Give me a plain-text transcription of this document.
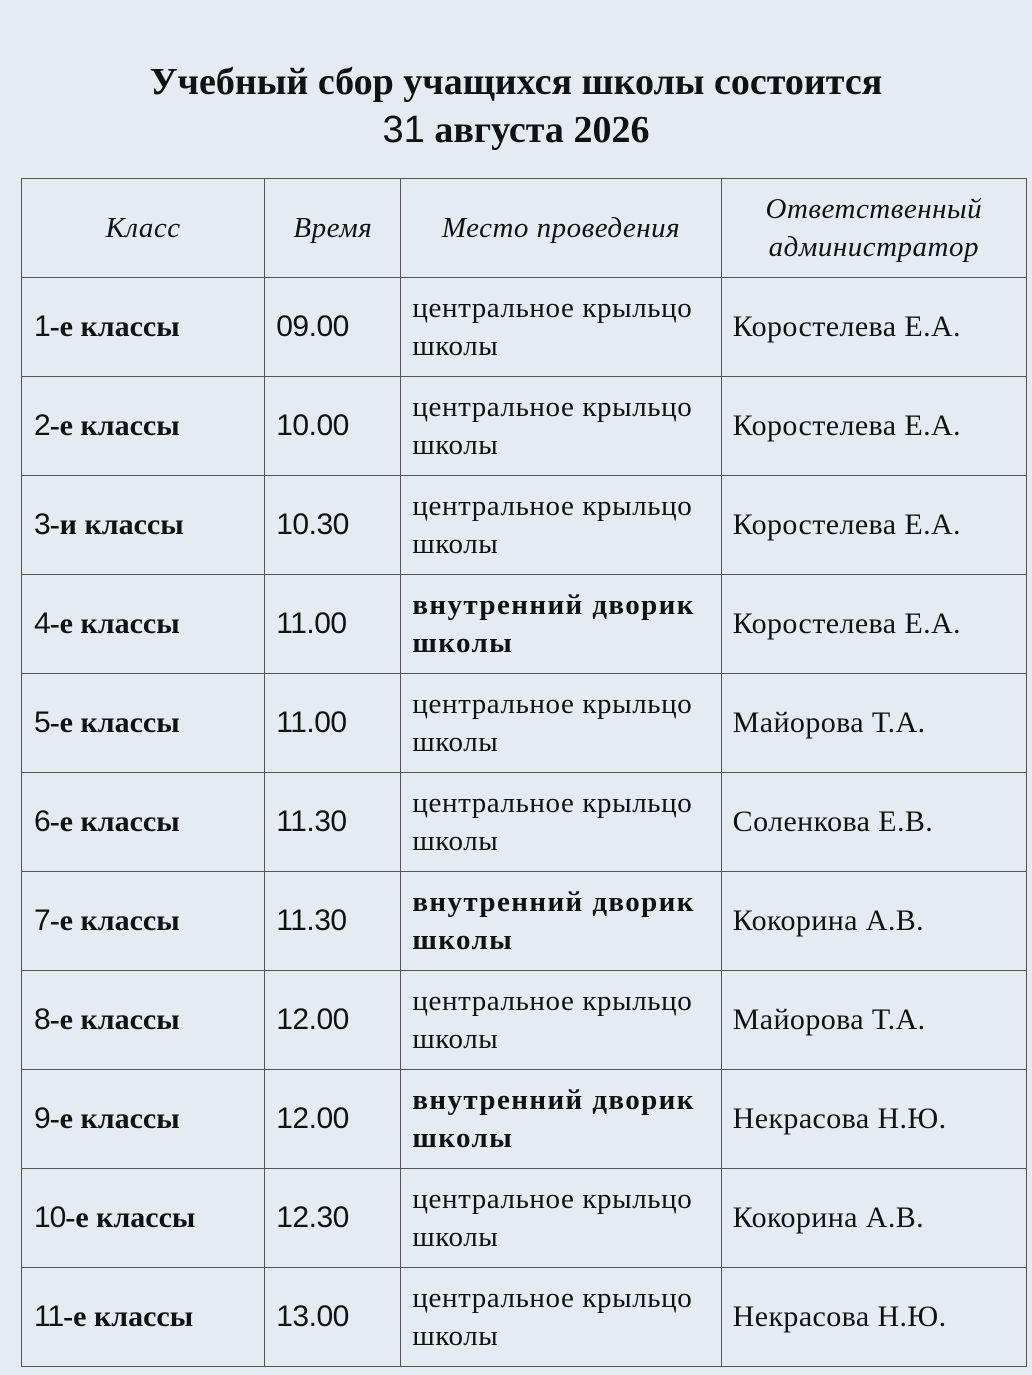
Учебный сбор учащихся школы состоится
31 августа 2026
Класс	Время	Место проведения	Ответственный администратор
1-е классы	09.00	центральное крыльцо школы	Коростелева Е.А.
2-е классы	10.00	центральное крыльцо школы	Коростелева Е.А.
3-и классы	10.30	центральное крыльцо школы	Коростелева Е.А.
4-е классы	11.00	внутренний дворик школы	Коростелева Е.А.
5-е классы	11.00	центральное крыльцо школы	Майорова Т.А.
6-е классы	11.30	центральное крыльцо школы	Соленкова Е.В.
7-е классы	11.30	внутренний дворик школы	Кокорина А.В.
8-е классы	12.00	центральное крыльцо школы	Майорова Т.А.
9-е классы	12.00	внутренний дворик школы	Некрасова Н.Ю.
10-е классы	12.30	центральное крыльцо школы	Кокорина А.В.
11-е классы	13.00	центральное крыльцо школы	Некрасова Н.Ю.
